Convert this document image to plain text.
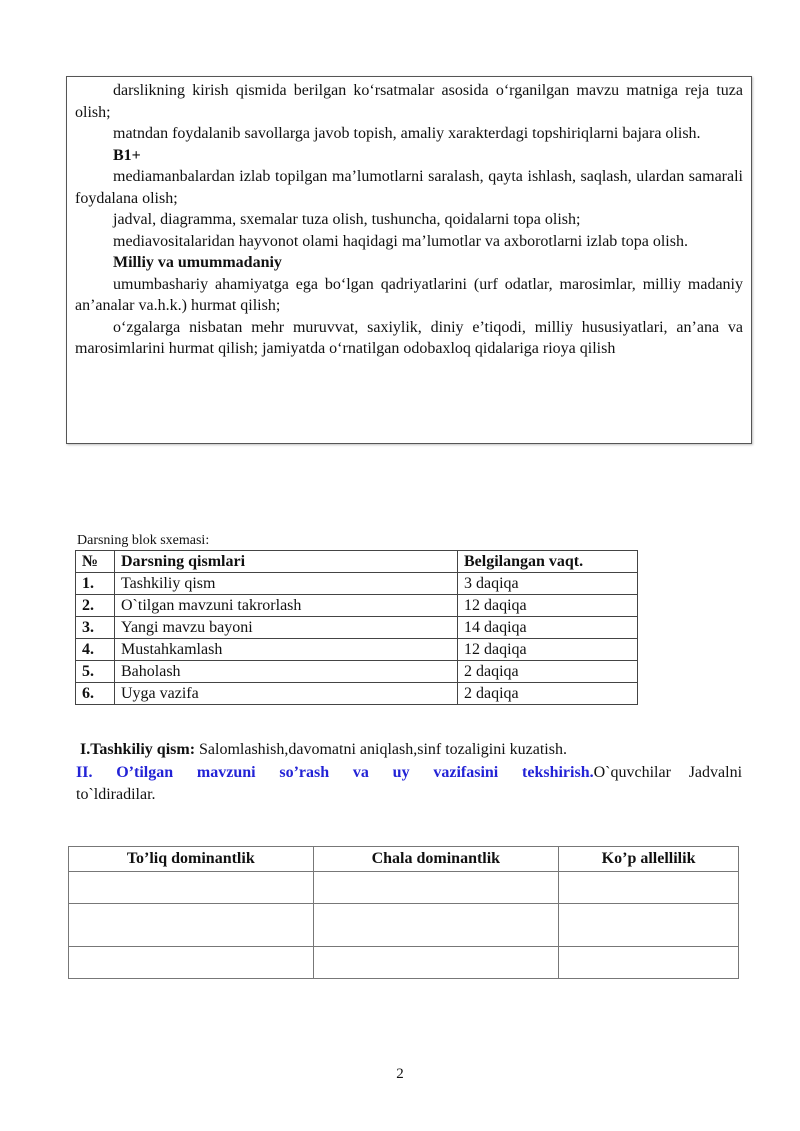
darslikning kirish qismida berilgan ko‘rsatmalar asosida o‘rganilgan mavzu matniga reja tuza olish;

matndan foydalanib savollarga javob topish, amaliy xarakterdagi topshiriqlarni bajara olish.

B1+

mediamanbalardan izlab topilgan ma’lumotlarni saralash, qayta ishlash, saqlash, ulardan samarali foydalana olish;

jadval, diagramma, sxemalar tuza olish, tushuncha, qoidalarni topa olish;

mediavositalaridan hayvonot olami haqidagi ma’lumotlar va axborotlarni izlab topa olish.

Milliy va umummadaniy

umumbashariy ahamiyatga ega bo‘lgan qadriyatlarini (urf odatlar, marosimlar, milliy madaniy an’analar va.h.k.) hurmat qilish;

o‘zgalarga nisbatan mehr muruvvat, saxiylik, diniy e’tiqodi, milliy hususiyatlari, an’ana va marosimlarini hurmat qilish; jamiyatda o‘rnatilgan odobaxloq qidalariga rioya qilish

Darsning blok sxemasi:
№	Darsning qismlari	Belgilangan vaqt.
1.	Tashkiliy qism	3 daqiqa
2.	O`tilgan mavzuni takrorlash	12 daqiqa
3.	Yangi mavzu bayoni	14 daqiqa
4.	Mustahkamlash	12 daqiqa
5.	Baholash	2 daqiqa
6.	Uyga vazifa	2 daqiqa
I.Tashkiliy qism: Salomlashish,davomatni aniqlash,sinf tozaligini kuzatish.
II. O’tilgan mavzuni so’rash va uy vazifasini tekshirish.O`quvchilar Jadvalni to`ldiradilar.
To’liq dominantlik	Chala dominantlik	Ko’p allellilik

2
